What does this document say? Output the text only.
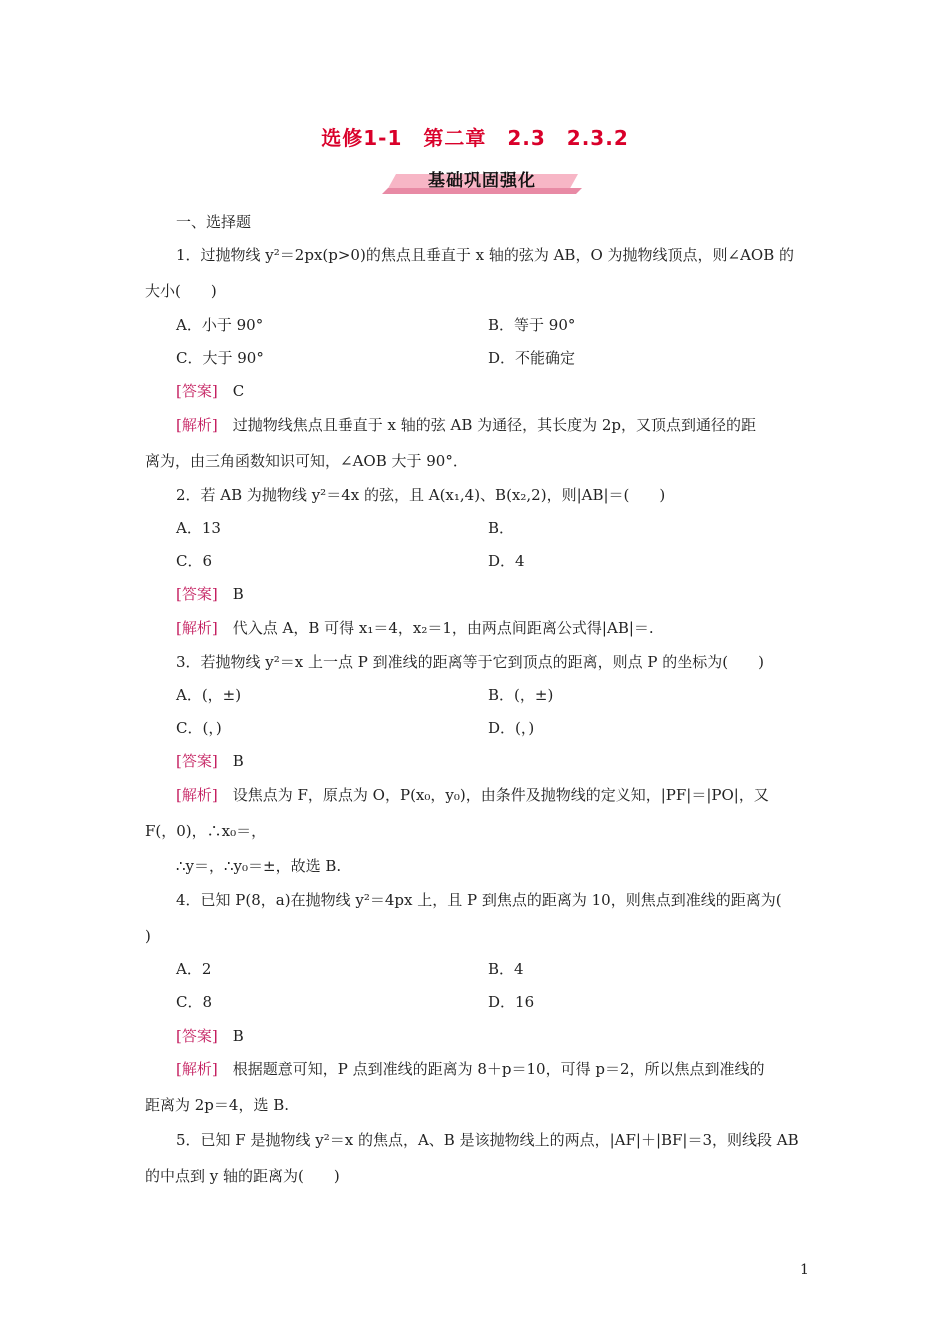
选修1-1　第二章　2.3　2.3.2
基础巩固强化
一、选择题
1．过抛物线 y²＝2px(p>0)的焦点且垂直于 x 轴的弦为 AB，O 为抛物线顶点，则∠AOB 的
大小(　　)
A．小于 90°	B．等于 90°
C．大于 90°	D．不能确定
[答案]　 C
[解析]　 过抛物线焦点且垂直于 x 轴的弦 AB 为通径，其长度为 2p，又顶点到通径的距
离为，由三角函数知识可知，∠AOB 大于 90°．
2．若 AB 为抛物线 y²＝4x 的弦，且 A(x₁,4)、B(x₂,2)，则|AB|＝(　　)
A．13	B．
C．6	D．4
[答案]　 B
[解析]　 代入点 A，B 可得 x₁＝4，x₂＝1，由两点间距离公式得|AB|＝.
3．若抛物线 y²＝x 上一点 P 到准线的距离等于它到顶点的距离，则点 P 的坐标为(　　)
A．(，±)	B．(，±)
C．(，)	D．(，)
[答案]　 B
[解析]　 设焦点为 F，原点为 O，P(x₀，y₀)，由条件及抛物线的定义知，|PF|＝|PO|，又
F(，0)，∴x₀＝，
∴y＝，∴y₀＝±，故选 B.
4．已知 P(8，a)在抛物线 y²＝4px 上，且 P 到焦点的距离为 10，则焦点到准线的距离为(
)
A．2	B．4
C．8	D．16
[答案]　 B
[解析]　 根据题意可知，P 点到准线的距离为 8＋p＝10，可得 p＝2，所以焦点到准线的
距离为 2p＝4，选 B.
5．已知 F 是抛物线 y²＝x 的焦点，A、B 是该抛物线上的两点，|AF|＋|BF|＝3，则线段 AB
的中点到 y 轴的距离为(　　)
1
